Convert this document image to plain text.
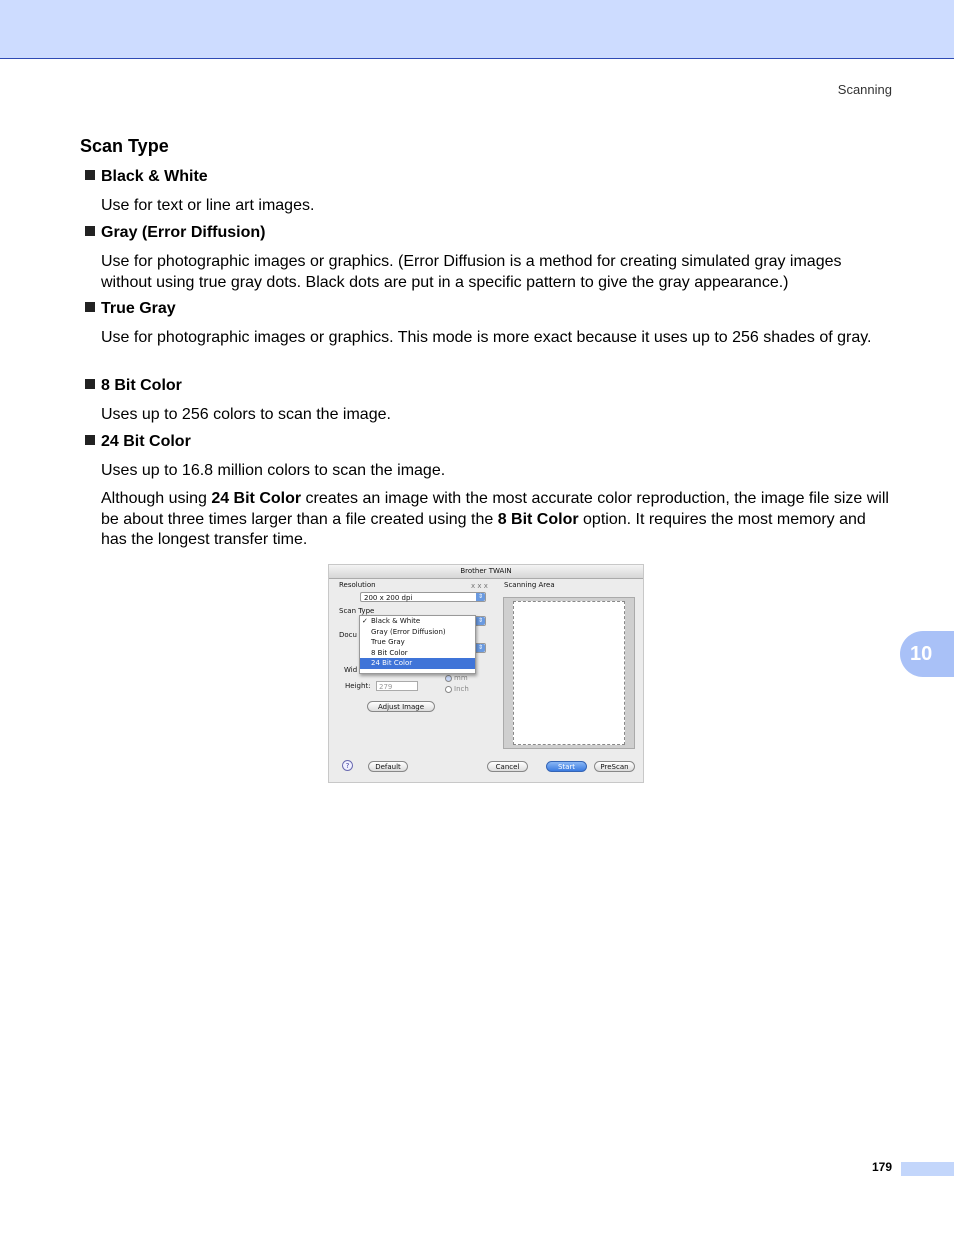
Scanning
10
Scan Type
Black & White
Use for text or line art images.
Gray (Error Diffusion)
Use for photographic images or graphics. (Error Diffusion is a method for creating simulated gray images without using true gray dots. Black dots are put in a specific pattern to give the gray appearance.)
True Gray
Use for photographic images or graphics. This mode is more exact because it uses up to 256 shades of gray.
8 Bit Color
Uses up to 256 colors to scan the image.
24 Bit Color
Uses up to 16.8 million colors to scan the image.
Although using 24 Bit Color creates an image with the most accurate color reproduction, the image file size will be about three times larger than a file created using the 8 Bit Color option. It requires the most memory and has the longest transfer time.
Brother TWAIN
Resolution	x x x
200 x 200 dpi	⇕
Scan Type
⇕
Docu
⇕
Wid
Height:	279
mm
Inch
Adjust Image
Scanning Area
?	Default	Cancel	Start	PreScan
✓ Black & White
Gray (Error Diffusion)
True Gray
8 Bit Color
24 Bit Color
179
